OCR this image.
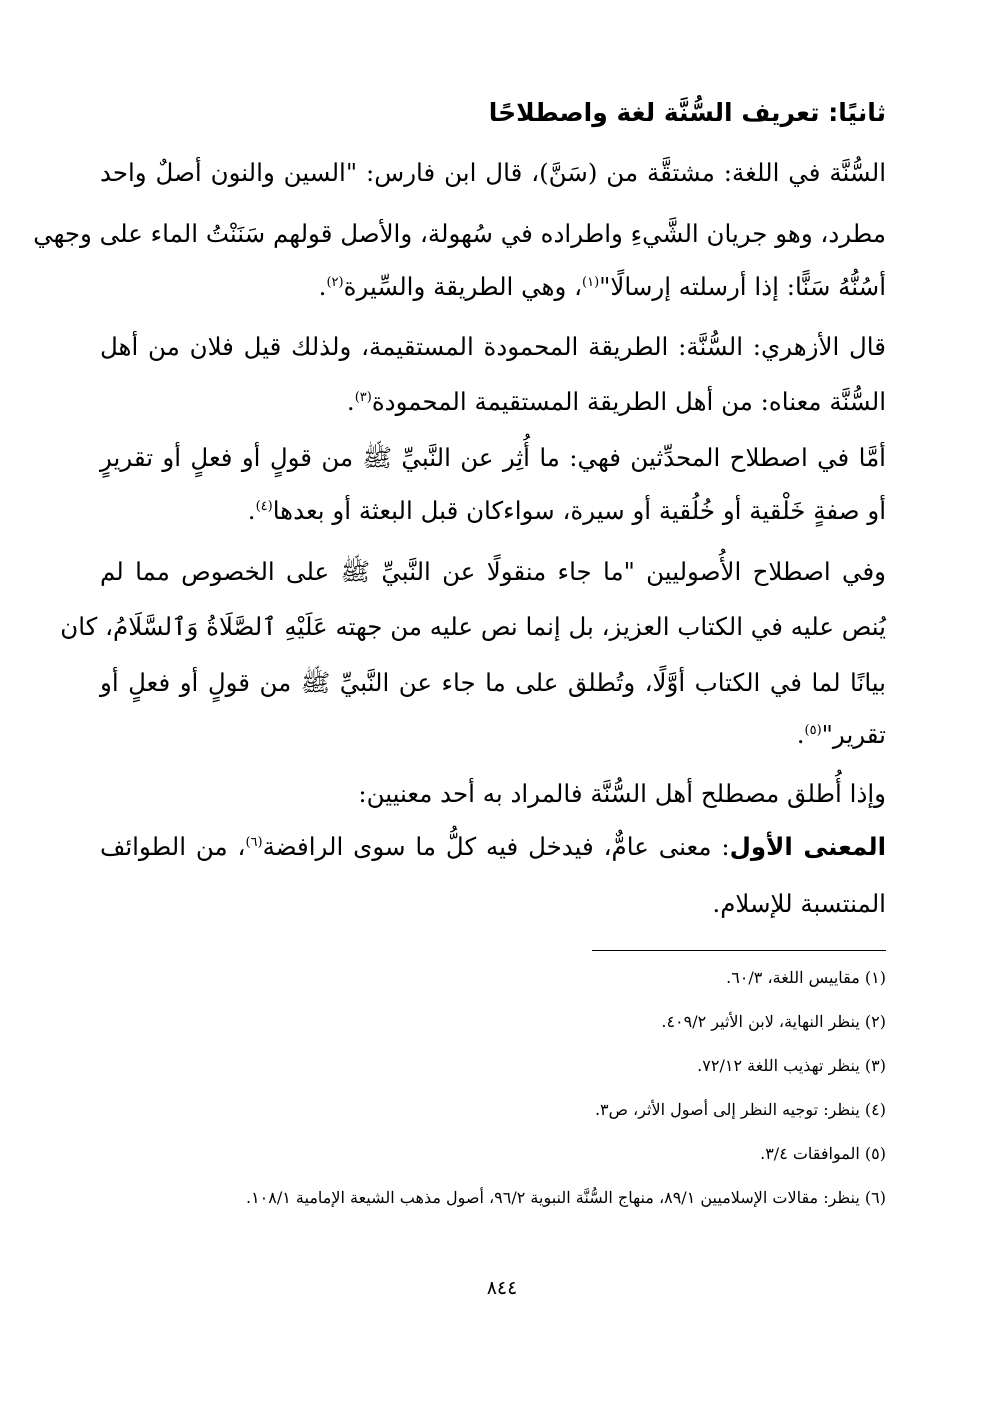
ثانيًا: تعريف السُّنَّة لغة واصطلاحًا
السُّنَّة في اللغة: مشتقَّة من (سَنَّ)، قال ابن فارس: "السين والنون أصلٌ واحد
مطرد، وهو جريان الشَّيءِ واطراده في سُهولة، والأصل قولهم سَنَنْتُ الماء على وجهي
أسُنُّهُ سَنًّا: إذا أرسلته إرسالًا"$^{(١)}$، وهي الطريقة والسِّيرة$^{(٢)}$.
قال الأزهري: السُّنَّة: الطريقة المحمودة المستقيمة، ولذلك قيل فلان من أهل
السُّنَّة معناه: من أهل الطريقة المستقيمة المحمودة$^{(٣)}$.
أمَّا في اصطلاح المحدِّثين فهي: ما أُثِر عن النَّبيِّ ﷺ من قولٍ أو فعلٍ أو تقريرٍ
أو صفةٍ خَلْقية أو خُلُقية أو سيرة، سواءكان قبل البعثة أو بعدها$^{(٤)}$.
وفي اصطلاح الأُصوليين "ما جاء منقولًا عن النَّبيِّ ﷺ على الخصوص مما لم
يُنص عليه في الكتاب العزيز، بل إنما نص عليه من جهته عَلَيْهِ ٱلصَّلَاةُ وَٱلسَّلَامُ، كان
بيانًا لما في الكتاب أوَّلًا، وتُطلق على ما جاء عن النَّبيِّ ﷺ من قولٍ أو فعلٍ أو
تقرير"$^{(٥)}$.
وإذا أُطلق مصطلح أهل السُّنَّة فالمراد به أحد معنيين:
المعنى الأول: معنى عامٌّ، فيدخل فيه كلُّ ما سوى الرافضة$^{(٦)}$، من الطوائف
المنتسبة للإسلام.
(١) مقاييس اللغة، ٦٠/٣.
(٢) ينظر النهاية، لابن الأثير ٤٠٩/٢.
(٣) ينظر تهذيب اللغة ٧٢/١٢.
(٤) ينظر: توجيه النظر إلى أصول الأثر، ص٣.
(٥) الموافقات ٣/٤.
(٦) ينظر: مقالات الإسلاميين ٨٩/١، منهاج السُّنَّة النبوية ٩٦/٢، أصول مذهب الشيعة الإمامية ١٠٨/١.
٨٤٤
